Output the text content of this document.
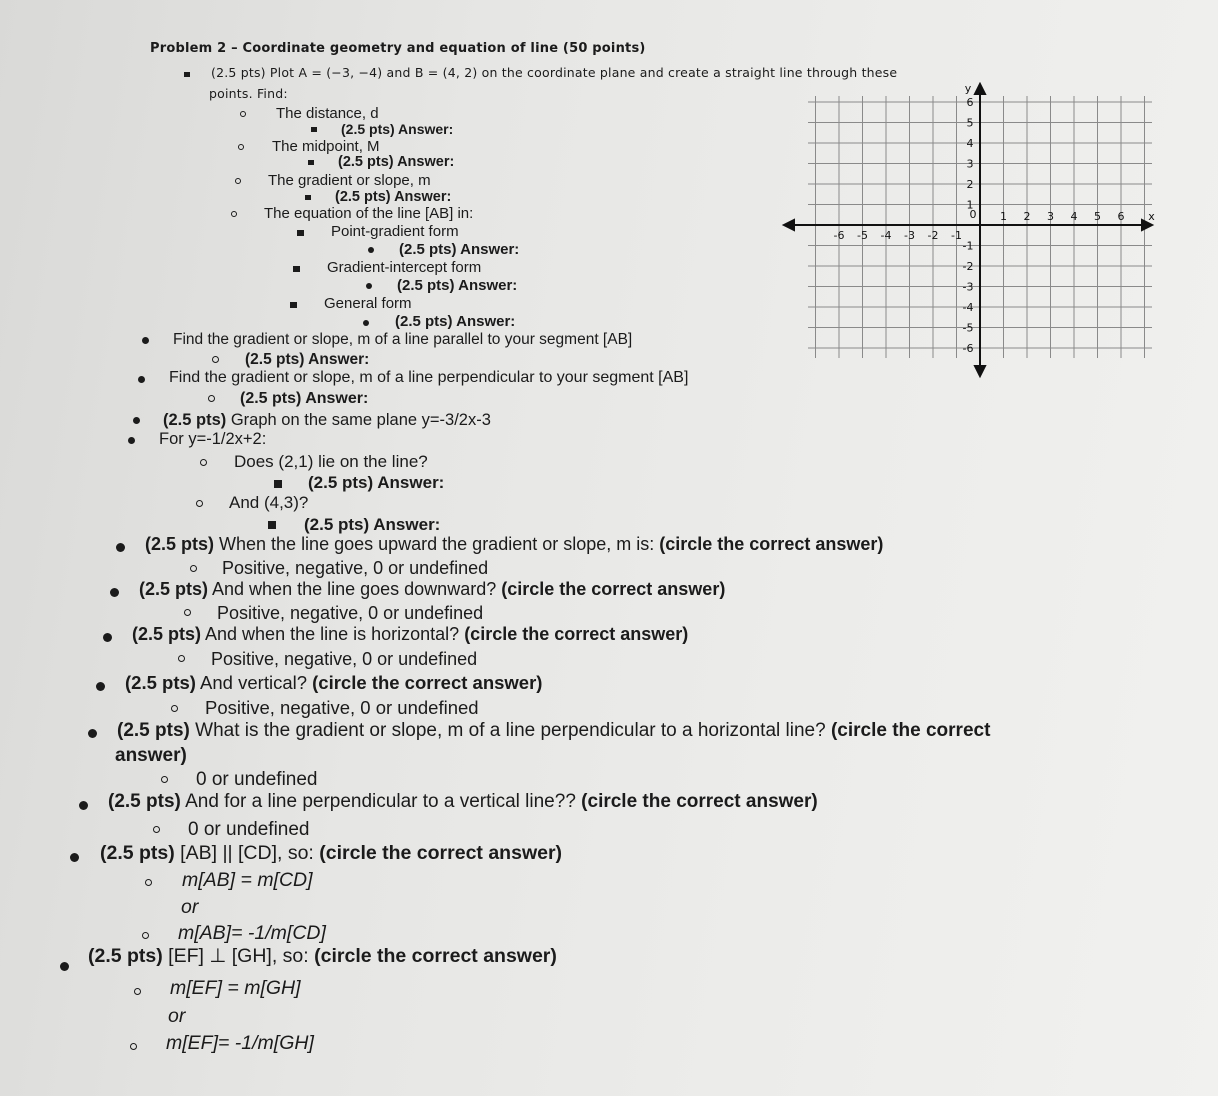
Problem 2 – Coordinate geometry and equation of line (50 points)
(2.5 pts) Plot A = (−3, −4) and B = (4, 2) on the coordinate plane and create a straight line through these
points. Find:
The distance, d
(2.5 pts) Answer:
The midpoint, M
(2.5 pts) Answer:
The gradient or slope, m
(2.5 pts) Answer:
The equation of the line [AB] in:
Point-gradient form
(2.5 pts) Answer:
Gradient-intercept form
(2.5 pts) Answer:
General form
(2.5 pts) Answer:
Find the gradient or slope, m of a line parallel to your segment [AB]
(2.5 pts) Answer:
Find the gradient or slope, m of a line perpendicular to your segment [AB]
(2.5 pts) Answer:
(2.5 pts) Graph on the same plane y=-3/2x-3
For y=-1/2x+2:
Does (2,1) lie on the line?
(2.5 pts) Answer:
And (4,3)?
(2.5 pts) Answer:
(2.5 pts) When the line goes upward the gradient or slope, m is: (circle the correct answer)
Positive, negative, 0 or undefined
(2.5 pts) And when the line goes downward? (circle the correct answer)
Positive, negative, 0 or undefined
(2.5 pts) And when the line is horizontal? (circle the correct answer)
Positive, negative, 0 or undefined
(2.5 pts) And vertical? (circle the correct answer)
Positive, negative, 0 or undefined
(2.5 pts) What is the gradient or slope, m of a line perpendicular to a horizontal line? (circle the correct
answer)
0 or undefined
(2.5 pts) And for a line perpendicular to a vertical line?? (circle the correct answer)
0 or undefined
(2.5 pts) [AB] || [CD], so: (circle the correct answer)
m[AB] = m[CD]
or
m[AB]= -1/m[CD]
(2.5 pts) [EF] ⊥ [GH], so: (circle the correct answer)
m[EF] = m[GH]
or
m[EF]= -1/m[GH]
-6 -5 -4 -3 -2 -1
1 2 3 4 5 6
1
2
3
4
5
6
-1
-2
-3
-4
-5
-6
0	x
y
